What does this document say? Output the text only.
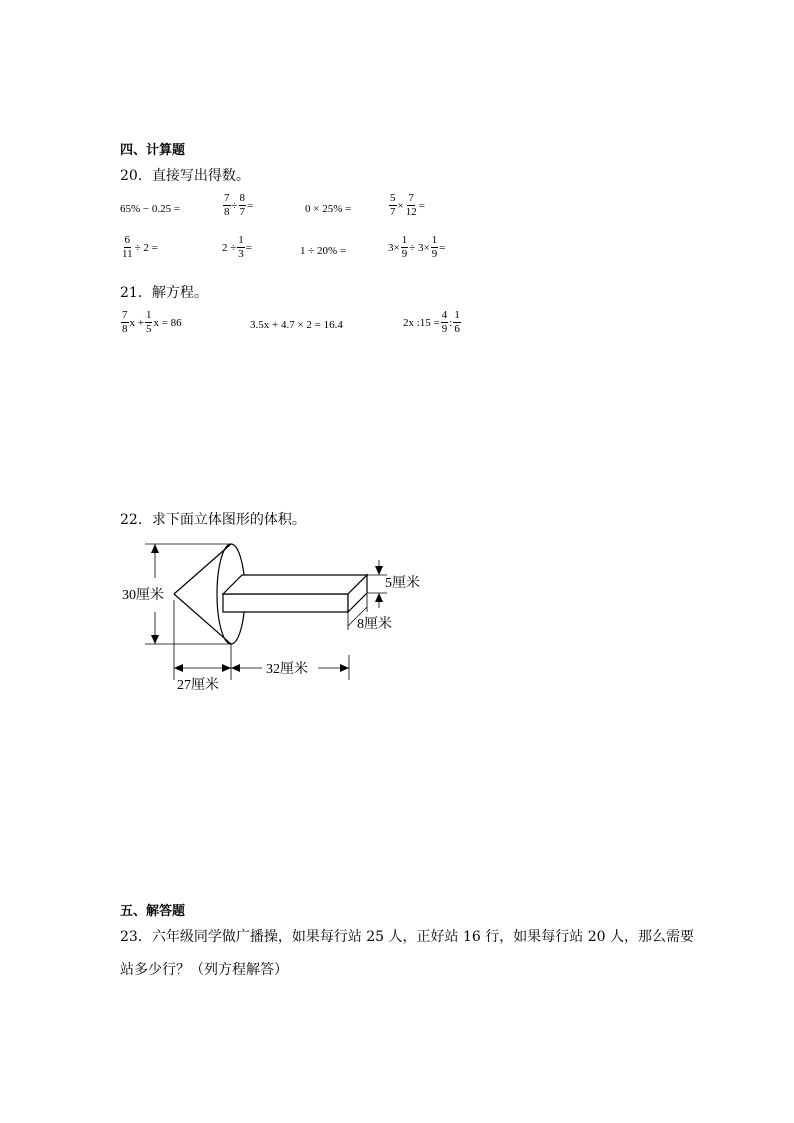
四、计算题
20．直接写出得数。
65% − 0.25 =	$\frac{7}{8} \div \frac{8}{7}$ =	0 × 25% =	$\frac{5}{7} \times \frac{7}{12}$ =
$\frac{6}{11} \div 2$ =	$2 \div \frac{1}{3}$ =	1 ÷ 20% =	$3\times \frac{1}{9} \div 3\times \frac{1}{9}$ =
21．解方程。
$\frac{7}{8}$ $x + \frac{1}{5}$ x = 86	3.5x + 4.7 × 2 = 16.4	2x :15 = $\frac{4}{9}$ : $\frac{1}{6}$
22．求下面立体图形的体积。
30厘米
5厘米
8厘米
27厘米
32厘米
五、解答题
23．六年级同学做广播操，如果每行站 25 人，正好站 16 行，如果每行站 20 人，那么需要
站多少行？（列方程解答）
